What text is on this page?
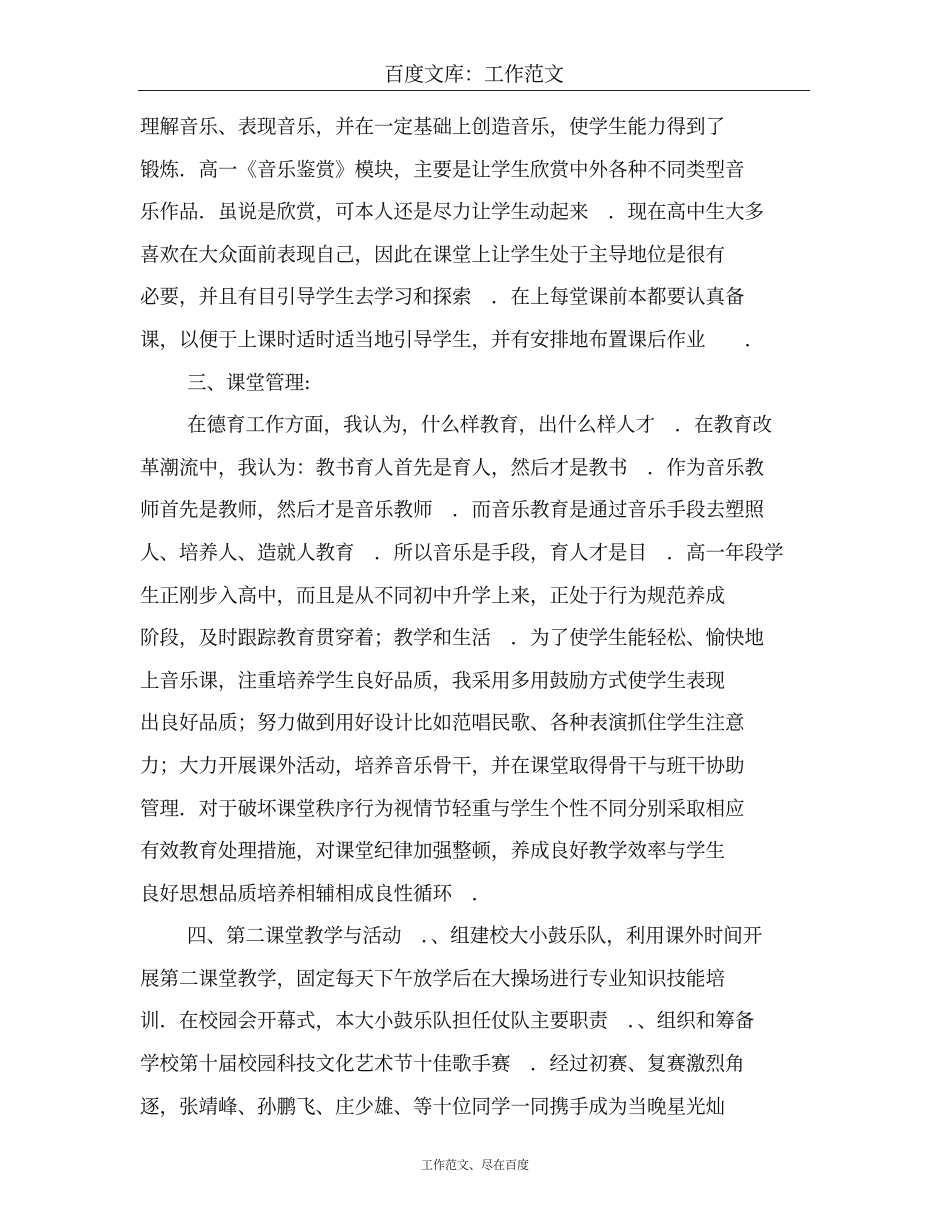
百度文库：工作范文
理解音乐、表现音乐，并在一定基础上创造音乐，使学生能力得到了
锻炼．高一《音乐鉴赏》模块，主要是让学生欣赏中外各种不同类型音
乐作品．虽说是欣赏，可本人还是尽力让学生动起来　．现在高中生大多
喜欢在大众面前表现自己，因此在课堂上让学生处于主导地位是很有
必要，并且有目引导学生去学习和探索　．在上每堂课前本都要认真备
课，以便于上课时适时适当地引导学生，并有安排地布置课后作业　　．
三、课堂管理:
在德育工作方面，我认为，什么样教育，出什么样人才　．在教育改
革潮流中，我认为：教书育人首先是育人，然后才是教书　．作为音乐教
师首先是教师，然后才是音乐教师　．而音乐教育是通过音乐手段去塑照
人、培养人、造就人教育　．所以音乐是手段，育人才是目　．高一年段学
生正刚步入高中，而且是从不同初中升学上来，正处于行为规范养成
阶段，及时跟踪教育贯穿着；教学和生活　．为了使学生能轻松、愉快地
上音乐课，注重培养学生良好品质，我采用多用鼓励方式使学生表现
出良好品质；努力做到用好设计比如范唱民歌、各种表演抓住学生注意
力；大力开展课外活动，培养音乐骨干，并在课堂取得骨干与班干协助
管理．对于破坏课堂秩序行为视情节轻重与学生个性不同分别采取相应
有效教育处理措施，对课堂纪律加强整顿，养成良好教学效率与学生
良好思想品质培养相辅相成良性循环　．
四、第二课堂教学与活动　．、组建校大小鼓乐队，利用课外时间开
展第二课堂教学，固定每天下午放学后在大操场进行专业知识技能培
训．在校园会开幕式，本大小鼓乐队担任仗队主要职责　．、组织和筹备
学校第十届校园科技文化艺术节十佳歌手赛　．经过初赛、复赛激烈角
逐，张靖峰、孙鹏飞、庄少雄、等十位同学一同携手成为当晚星光灿
工作范文、尽在百度
